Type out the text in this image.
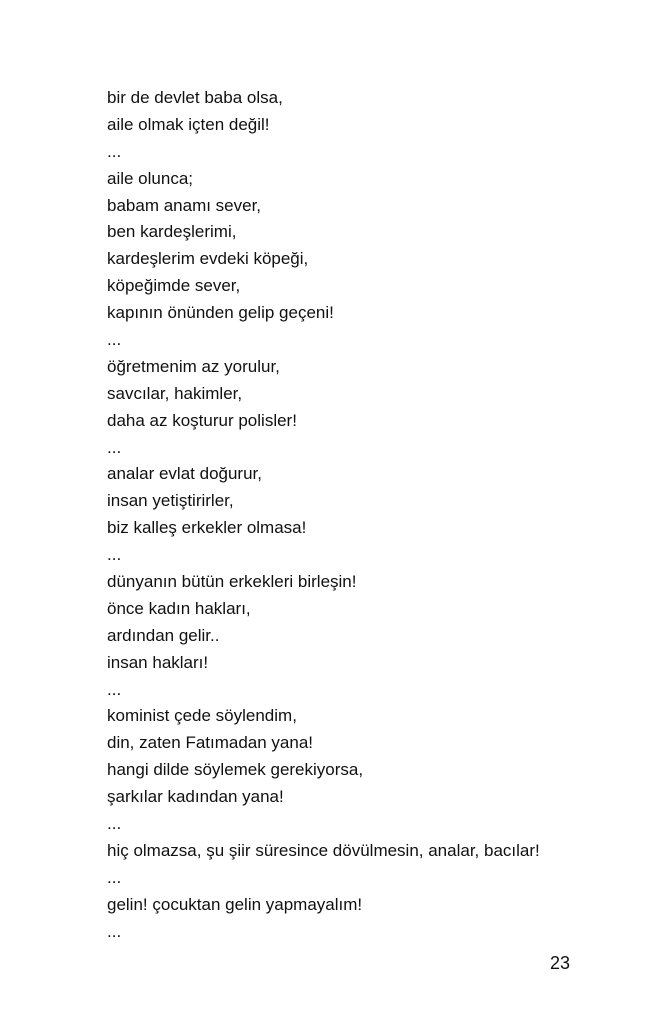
bir de devlet baba olsa,
aile olmak içten değil!
...
aile olunca;
babam anamı sever,
ben kardeşlerimi,
kardeşlerim evdeki köpeği,
köpeğimde sever,
kapının önünden gelip geçeni!
...
öğretmenim az yorulur,
savcılar, hakimler,
daha az koşturur polisler!
...
analar evlat doğurur,
insan yetiştirirler,
biz kalleş erkekler olmasa!
...
dünyanın bütün erkekleri birleşin!
önce kadın hakları,
ardından gelir..
insan hakları!
...
kominist çede söylendim,
din, zaten Fatımadan yana!
hangi dilde söylemek gerekiyorsa,
şarkılar kadından yana!
...
hiç olmazsa, şu şiir süresince dövülmesin, analar, bacılar!
...
gelin! çocuktan gelin yapmayalım!
...
23
